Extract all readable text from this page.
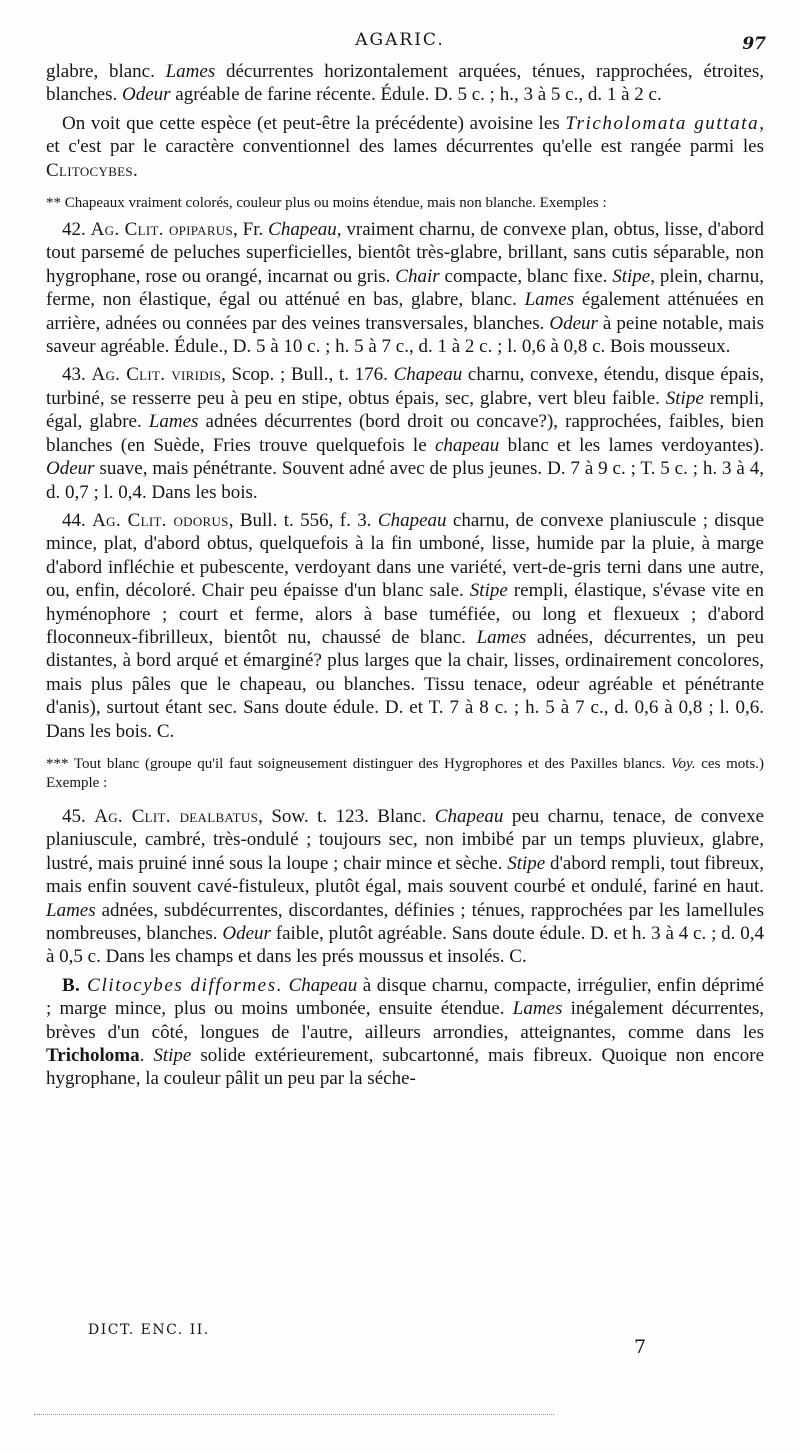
AGARIC.	97

glabre, blanc. Lames décurrentes horizontalement arquées, ténues, rapprochées, étroites, blanches. Odeur agréable de farine récente. Édule. D. 5 c. ; h., 3 à 5 c., d. 1 à 2 c.

On voit que cette espèce (et peut-être la précédente) avoisine les Tricholomata guttata, et c'est par le caractère conventionnel des lames décurrentes qu'elle est rangée parmi les Clitocybes.

** Chapeaux vraiment colorés, couleur plus ou moins étendue, mais non blanche. Exemples :

42. Ag. Clit. opiparus, Fr. Chapeau, vraiment charnu, de convexe plan, obtus, lisse, d'abord tout parsemé de peluches superficielles, bientôt très-glabre, brillant, sans cutis séparable, non hygrophane, rose ou orangé, incarnat ou gris. Chair compacte, blanc fixe. Stipe, plein, charnu, ferme, non élastique, égal ou atténué en bas, glabre, blanc. Lames également atténuées en arrière, adnées ou connées par des veines transversales, blanches. Odeur à peine notable, mais saveur agréable. Édule., D. 5 à 10 c. ; h. 5 à 7 c., d. 1 à 2 c. ; l. 0,6 à 0,8 c. Bois mousseux.

43. Ag. Clit. viridis, Scop. ; Bull., t. 176. Chapeau charnu, convexe, étendu, disque épais, turbiné, se resserre peu à peu en stipe, obtus épais, sec, glabre, vert bleu faible. Stipe rempli, égal, glabre. Lames adnées décurrentes (bord droit ou concave?), rapprochées, faibles, bien blanches (en Suède, Fries trouve quelquefois le chapeau blanc et les lames verdoyantes). Odeur suave, mais pénétrante. Souvent adné avec de plus jeunes. D. 7 à 9 c. ; T. 5 c. ; h. 3 à 4, d. 0,7 ; l. 0,4. Dans les bois.

44. Ag. Clit. odorus, Bull. t. 556, f. 3. Chapeau charnu, de convexe planiuscule ; disque mince, plat, d'abord obtus, quelquefois à la fin umboné, lisse, humide par la pluie, à marge d'abord infléchie et pubescente, verdoyant dans une variété, vert-de-gris terni dans une autre, ou, enfin, décoloré. Chair peu épaisse d'un blanc sale. Stipe rempli, élastique, s'évase vite en hyménophore ; court et ferme, alors à base tuméfiée, ou long et flexueux ; d'abord floconneux-fibrilleux, bientôt nu, chaussé de blanc. Lames adnées, décurrentes, un peu distantes, à bord arqué et émarginé? plus larges que la chair, lisses, ordinairement concolores, mais plus pâles que le chapeau, ou blanches. Tissu tenace, odeur agréable et pénétrante d'anis), surtout étant sec. Sans doute édule. D. et T. 7 à 8 c. ; h. 5 à 7 c., d. 0,6 à 0,8 ; l. 0,6. Dans les bois. C.

*** Tout blanc (groupe qu'il faut soigneusement distinguer des Hygrophores et des Paxilles blancs. Voy. ces mots.) Exemple :

45. Ag. Clit. dealbatus, Sow. t. 123. Blanc. Chapeau peu charnu, tenace, de convexe planiuscule, cambré, très-ondulé ; toujours sec, non imbibé par un temps pluvieux, glabre, lustré, mais pruiné inné sous la loupe ; chair mince et sèche. Stipe d'abord rempli, tout fibreux, mais enfin souvent cavé-fistuleux, plutôt égal, mais souvent courbé et ondulé, fariné en haut. Lames adnées, subdécurrentes, discordantes, définies ; ténues, rapprochées par les lamellules nombreuses, blanches. Odeur faible, plutôt agréable. Sans doute édule. D. et h. 3 à 4 c. ; d. 0,4 à 0,5 c. Dans les champs et dans les prés moussus et insolés. C.

B. Clitocybes difformes. Chapeau à disque charnu, compacte, irrégulier, enfin déprimé ; marge mince, plus ou moins umbonée, ensuite étendue. Lames inégalement décurrentes, brèves d'un côté, longues de l'autre, ailleurs arrondies, atteignantes, comme dans les Tricholoma. Stipe solide extérieurement, subcartonné, mais fibreux. Quoique non encore hygrophane, la couleur pâlit un peu par la séche-

DICT. ENC. II.
7
